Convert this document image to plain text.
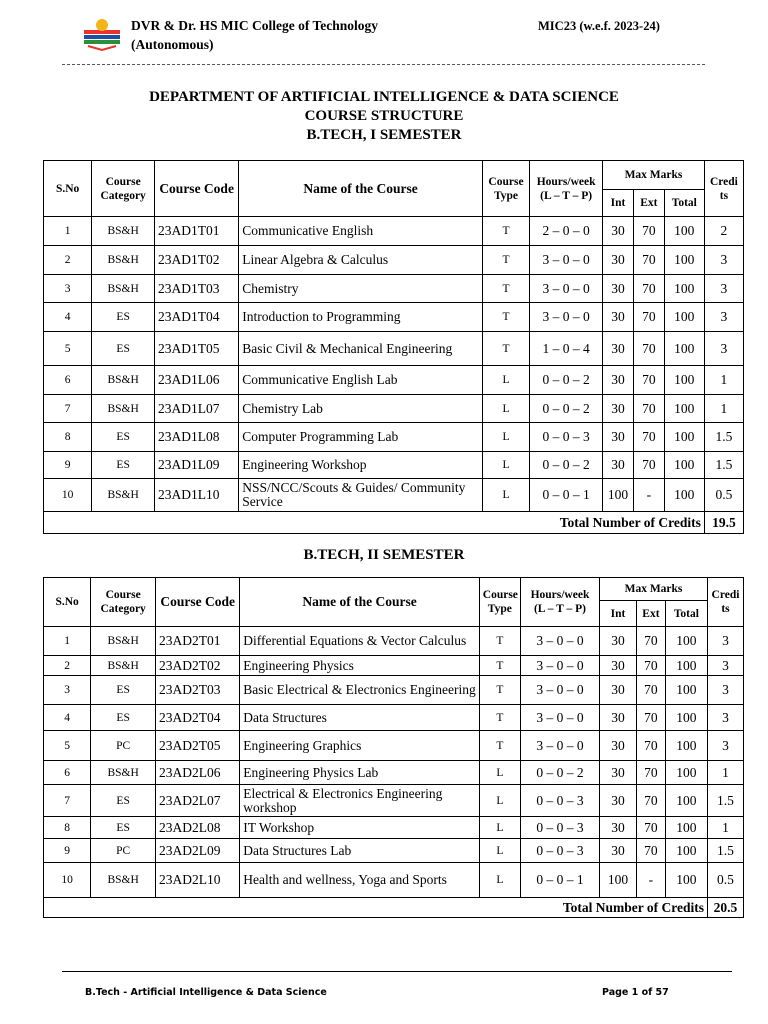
DVR & Dr. HS MIC College of Technology
(Autonomous)
MIC23 (w.e.f. 2023-24)
DEPARTMENT OF ARTIFICIAL INTELLIGENCE & DATA SCIENCE
COURSE STRUCTURE
B.TECH, I SEMESTER
S.No	Course Category	Course Code	Name of the Course	Course Type	Hours/week (L – T – P)	Max Marks			Credi ts
						Int	Ext	Total	
1	BS&H	23AD1T01	Communicative English	T	2 – 0 – 0	30	70	100	2
2	BS&H	23AD1T02	Linear Algebra & Calculus	T	3 – 0 – 0	30	70	100	3
3	BS&H	23AD1T03	Chemistry	T	3 – 0 – 0	30	70	100	3
4	ES	23AD1T04	Introduction to Programming	T	3 – 0 – 0	30	70	100	3
5	ES	23AD1T05	Basic Civil & Mechanical Engineering	T	1 – 0 – 4	30	70	100	3
6	BS&H	23AD1L06	Communicative English Lab	L	0 – 0 – 2	30	70	100	1
7	BS&H	23AD1L07	Chemistry Lab	L	0 – 0 – 2	30	70	100	1
8	ES	23AD1L08	Computer Programming Lab	L	0 – 0 – 3	30	70	100	1.5
9	ES	23AD1L09	Engineering Workshop	L	0 – 0 – 2	30	70	100	1.5
10	BS&H	23AD1L10	NSS/NCC/Scouts & Guides/ Community Service	L	0 – 0 – 1	100	-	100	0.5
Total Number of Credits									19.5
B.TECH, II SEMESTER
S.No	Course Category	Course Code	Name of the Course	Course Type	Hours/week (L – T – P)	Max Marks			Credi ts
						Int	Ext	Total	
1	BS&H	23AD2T01	Differential Equations & Vector Calculus	T	3 – 0 – 0	30	70	100	3
2	BS&H	23AD2T02	Engineering Physics	T	3 – 0 – 0	30	70	100	3
3	ES	23AD2T03	Basic Electrical & Electronics Engineering	T	3 – 0 – 0	30	70	100	3
4	ES	23AD2T04	Data Structures	T	3 – 0 – 0	30	70	100	3
5	PC	23AD2T05	Engineering Graphics	T	3 – 0 – 0	30	70	100	3
6	BS&H	23AD2L06	Engineering Physics Lab	L	0 – 0 – 2	30	70	100	1
7	ES	23AD2L07	Electrical & Electronics Engineering workshop	L	0 – 0 – 3	30	70	100	1.5
8	ES	23AD2L08	IT Workshop	L	0 – 0 – 3	30	70	100	1
9	PC	23AD2L09	Data Structures Lab	L	0 – 0 – 3	30	70	100	1.5
10	BS&H	23AD2L10	Health and wellness, Yoga and Sports	L	0 – 0 – 1	100	-	100	0.5
Total Number of Credits									20.5
B.Tech - Artificial Intelligence & Data Science	Page 1 of 57
